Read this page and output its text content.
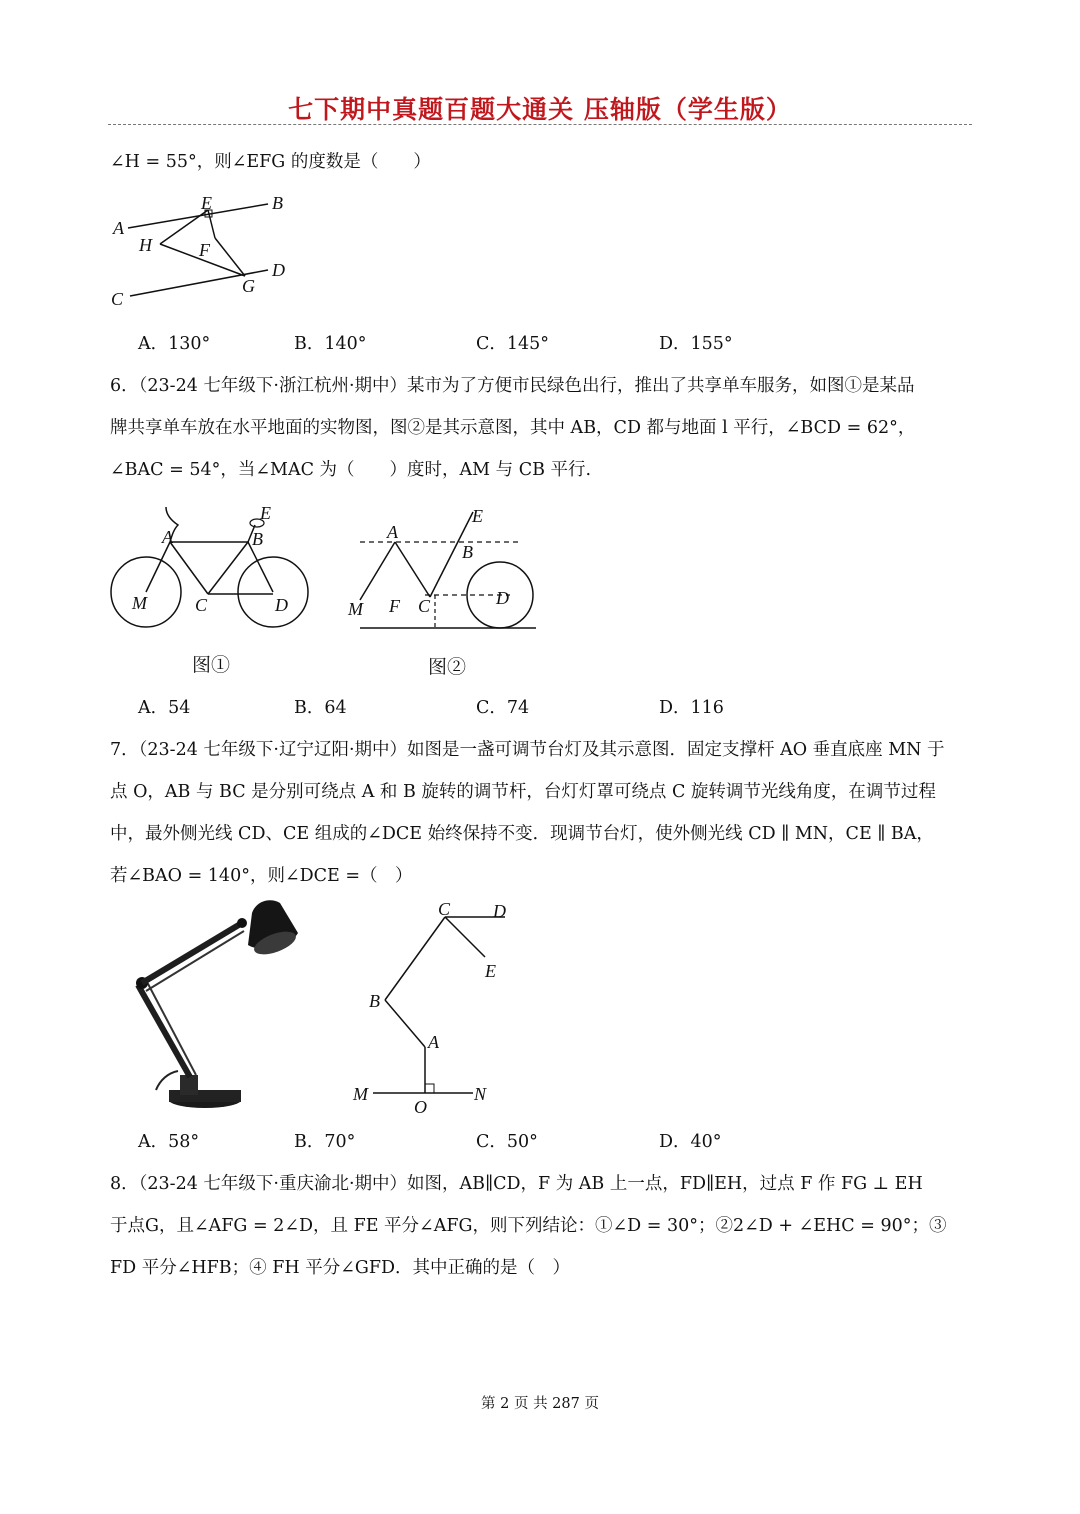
七下期中真题百题大通关 压轴版（学生版）
∠H = 55°，则∠EFG 的度数是（　　）
E	B
A
H	F
D
G
C
A．130°	B．140°	C．145°	D．155°
6．（23-24 七年级下·浙江杭州·期中）某市为了方便市民绿色出行，推出了共享单车服务，如图①是某品
牌共享单车放在水平地面的实物图，图②是其示意图，其中 AB，CD 都与地面 l 平行，∠BCD = 62°，
∠BAC = 54°，当∠MAC 为（　　）度时，AM 与 CB 平行.
E
A	B
M	C	D
图①
A
E
B
D
M F C
图②
A．54	B．64	C．74	D．116
7．（23-24 七年级下·辽宁辽阳·期中）如图是一盏可调节台灯及其示意图．固定支撑杆 AO 垂直底座 MN 于
点 O，AB 与 BC 是分别可绕点 A 和 B 旋转的调节杆，台灯灯罩可绕点 C 旋转调节光线角度，在调节过程
中，最外侧光线 CD、CE 组成的∠DCE 始终保持不变．现调节台灯，使外侧光线 CD ∥ MN，CE ∥ BA，
若∠BAO = 140°，则∠DCE =（　）
C D
E
B
A
M
O
N
A．58°	B．70°	C．50°	D．40°
8．（23-24 七年级下·重庆渝北·期中）如图，AB∥CD，F 为 AB 上一点，FD∥EH，过点 F 作 FG ⊥ EH
于点G，且∠AFG = 2∠D，且 FE 平分∠AFG，则下列结论：①∠D = 30°；②2∠D + ∠EHC = 90°；③
FD 平分∠HFB；④ FH 平分∠GFD．其中正确的是（　）
第 2 页 共 287 页
